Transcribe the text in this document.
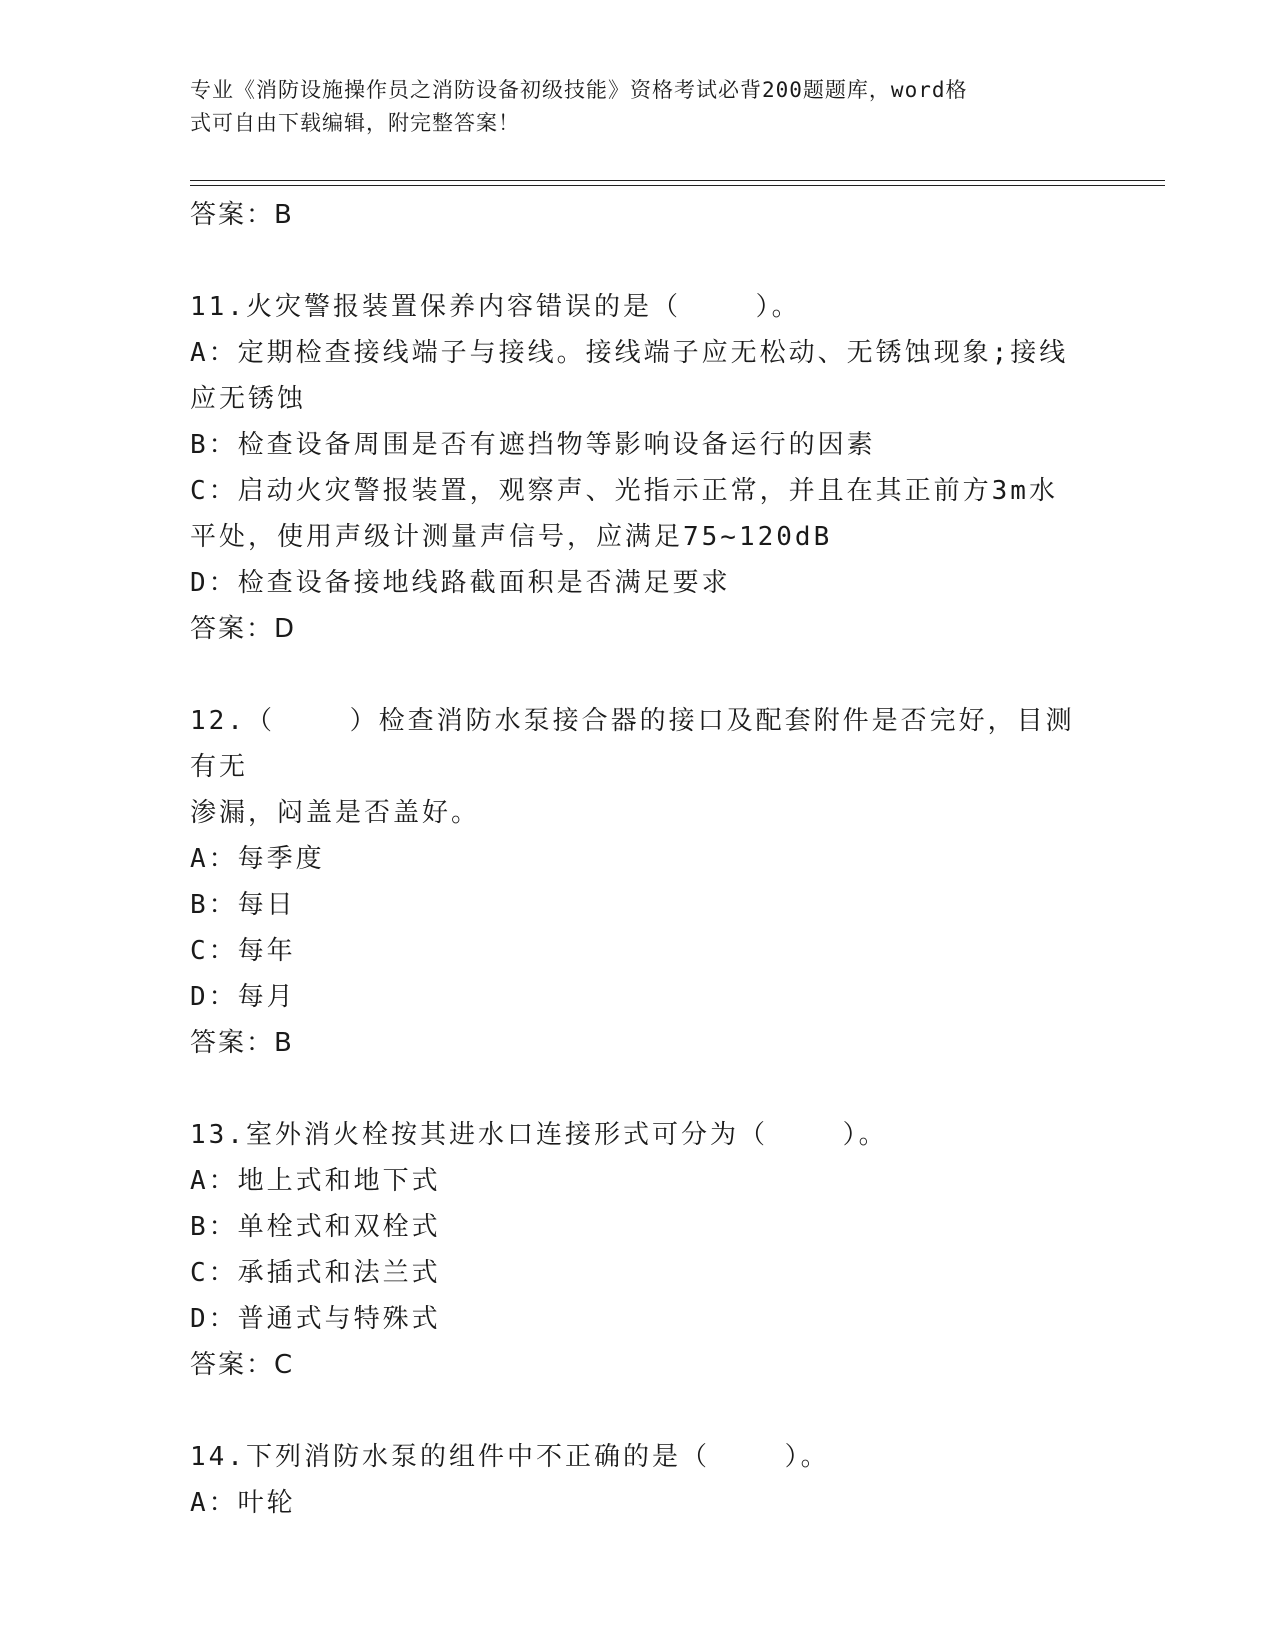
专业《消防设施操作员之消防设备初级技能》资格考试必背200题题库，word格
式可自由下载编辑，附完整答案！
答案：B
11.火灾警报装置保养内容错误的是（    ）。
A：定期检查接线端子与接线。接线端子应无松动、无锈蚀现象;接线
应无锈蚀
B：检查设备周围是否有遮挡物等影响设备运行的因素
C：启动火灾警报装置，观察声、光指示正常，并且在其正前方3m水
平处，使用声级计测量声信号，应满足75~120dB
D：检查设备接地线路截面积是否满足要求
答案：D
12.（    ）检查消防水泵接合器的接口及配套附件是否完好，目测有无
渗漏，闷盖是否盖好。
A：每季度
B：每日
C：每年
D：每月
答案：B
13.室外消火栓按其进水口连接形式可分为（    ）。
A：地上式和地下式
B：单栓式和双栓式
C：承插式和法兰式
D：普通式与特殊式
答案：C
14.下列消防水泵的组件中不正确的是（    ）。
A：叶轮
